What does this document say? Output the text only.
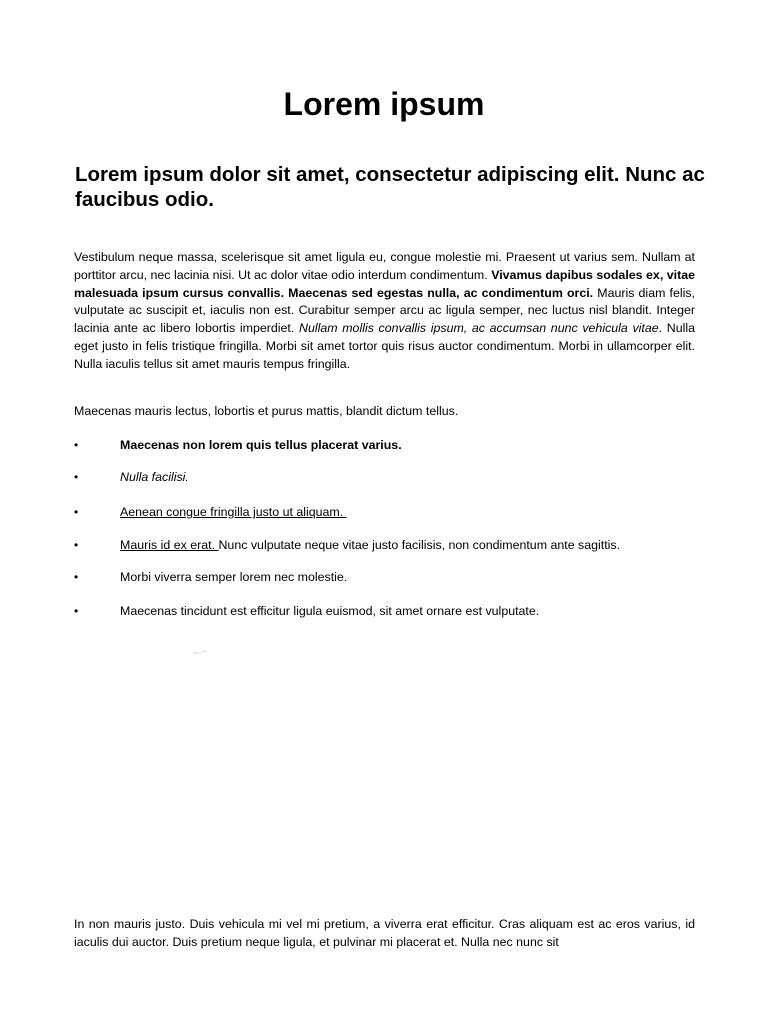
Lorem ipsum
Lorem ipsum dolor sit amet, consectetur adipiscing elit. Nunc ac faucibus odio.

Vestibulum neque massa, scelerisque sit amet ligula eu, congue molestie mi. Praesent ut varius sem. Nullam at porttitor arcu, nec lacinia nisi. Ut ac dolor vitae odio interdum condimentum. Vivamus dapibus sodales ex, vitae malesuada ipsum cursus convallis. Maecenas sed egestas nulla, ac condimentum orci. Mauris diam felis, vulputate ac suscipit et, iaculis non est. Curabitur semper arcu ac ligula semper, nec luctus nisl blandit. Integer lacinia ante ac libero lobortis imperdiet. Nullam mollis convallis ipsum, ac accumsan nunc vehicula vitae. Nulla eget justo in felis tristique fringilla. Morbi sit amet tortor quis risus auctor condimentum. Morbi in ullamcorper elit. Nulla iaculis tellus sit amet mauris tempus fringilla.

Maecenas mauris lectus, lobortis et purus mattis, blandit dictum tellus.

•	Maecenas non lorem quis tellus placerat varius.
•	Nulla facilisi.
•	Aenean congue fringilla justo ut aliquam.
•	Mauris id ex erat. Nunc vulputate neque vitae justo facilisis, non condimentum ante sagittis.
•	Morbi viverra semper lorem nec molestie.
•	Maecenas tincidunt est efficitur ligula euismod, sit amet ornare est vulputate.

In non mauris justo. Duis vehicula mi vel mi pretium, a viverra erat efficitur. Cras aliquam est ac eros varius, id iaculis dui auctor. Duis pretium neque ligula, et pulvinar mi placerat et. Nulla nec nunc sit
